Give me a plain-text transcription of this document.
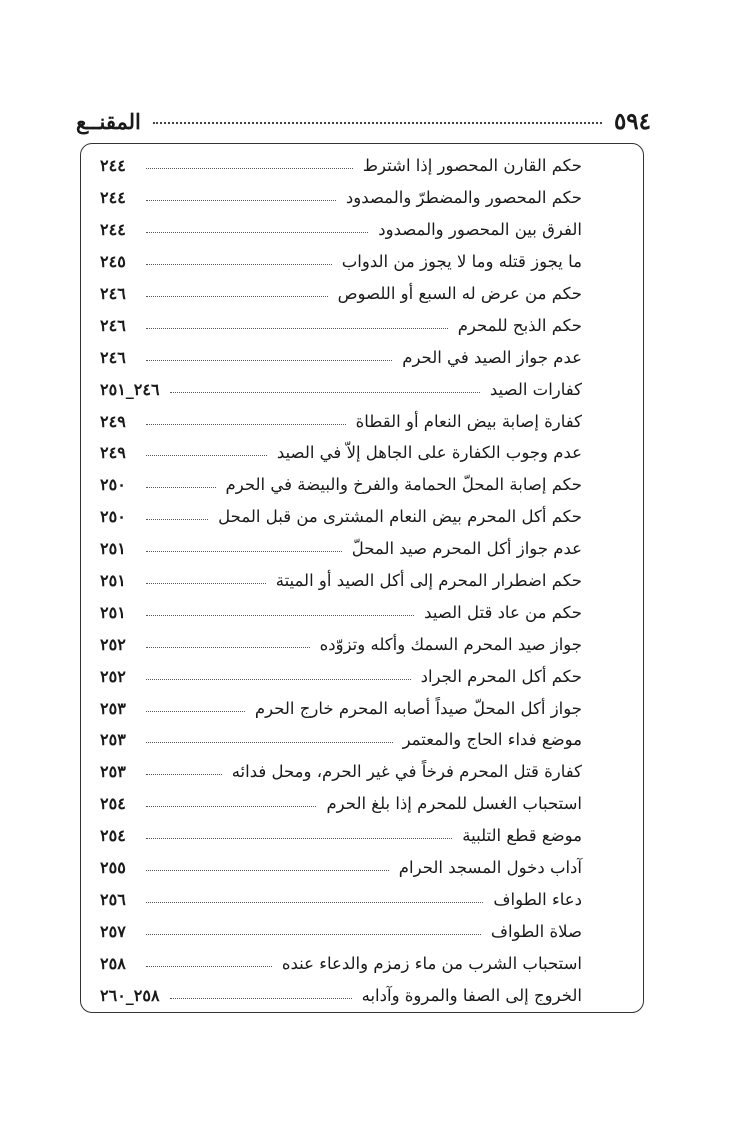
٥٩٤
المقنــع
حكم القارن المحصور إذا اشترط
٢٤٤
حكم المحصور والمضطرّ والمصدود
٢٤٤
الفرق بين المحصور والمصدود
٢٤٤
ما يجوز قتله وما لا يجوز من الدواب
٢٤٥
حكم من عرض له السبع أو اللصوص
٢٤٦
حكم الذبح للمحرم
٢٤٦
عدم جواز الصيد في الحرم
٢٤٦
كفارات الصيد
٢٤٦_٢٥١
كفارة إصابة بيض النعام أو القطاة
٢٤٩
عدم وجوب الكفارة على الجاهل إلاّ في الصيد
٢٤٩
حكم إصابة المحلّ الحمامة والفرخ والبيضة في الحرم
٢٥٠
حكم أكل المحرم بيض النعام المشترى من قبل المحل
٢٥٠
عدم جواز أكل المحرم صيد المحلّ
٢٥١
حكم اضطرار المحرم إلى أكل الصيد أو الميتة
٢٥١
حكم من عاد قتل الصيد
٢٥١
جواز صيد المحرم السمك وأكله وتزوّده
٢٥٢
حكم أكل المحرم الجراد
٢٥٢
جواز أكل المحلّ صيداً أصابه المحرم خارج الحرم
٢٥٣
موضع فداء الحاج والمعتمر
٢٥٣
كفارة قتل المحرم فرخاً في غير الحرم، ومحل فدائه
٢٥٣
استحباب الغسل للمحرم إذا بلغ الحرم
٢٥٤
موضع قطع التلبية
٢٥٤
آداب دخول المسجد الحرام
٢٥٥
دعاء الطواف
٢٥٦
صلاة الطواف
٢٥٧
استحباب الشرب من ماء زمزم والدعاء عنده
٢٥٨
الخروج إلى الصفا والمروة وآدابه
٢٥٨_٢٦٠
